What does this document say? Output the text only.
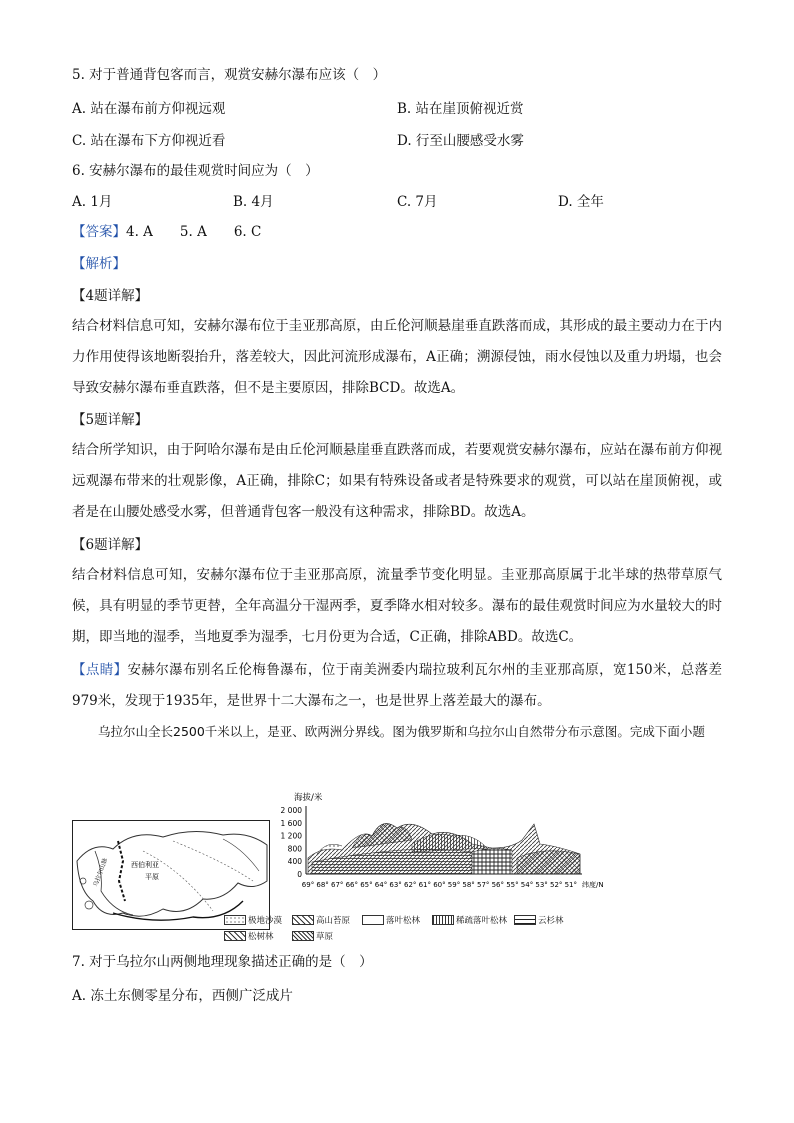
5. 对于普通背包客而言，观赏安赫尔瀑布应该（　）
A. 站在瀑布前方仰视远观	B. 站在崖顶俯视近赏
C. 站在瀑布下方仰视近看	D. 行至山腰感受水雾
6. 安赫尔瀑布的最佳观赏时间应为（　）
A. 1月	B. 4月	C. 7月	D. 全年
【答案】4. A　　5. A　　6. C
【解析】
【4题详解】
结合材料信息可知，安赫尔瀑布位于圭亚那高原，由丘伦河顺悬崖垂直跌落而成，其形成的最主要动力在于内力作用使得该地断裂抬升，落差较大，因此河流形成瀑布，A正确；溯源侵蚀，雨水侵蚀以及重力坍塌，也会导致安赫尔瀑布垂直跌落，但不是主要原因，排除BCD。故选A。
【5题详解】
结合所学知识，由于阿哈尔瀑布是由丘伦河顺悬崖垂直跌落而成，若要观赏安赫尔瀑布，应站在瀑布前方仰视远观瀑布带来的壮观影像，A正确，排除C；如果有特殊设备或者是特殊要求的观赏，可以站在崖顶俯视，或者是在山腰处感受水雾，但普通背包客一般没有这种需求，排除BD。故选A。
【6题详解】
结合材料信息可知，安赫尔瀑布位于圭亚那高原，流量季节变化明显。圭亚那高原属于北半球的热带草原气候，具有明显的季节更替，全年高温分干湿两季，夏季降水相对较多。瀑布的最佳观赏时间应为水量较大的时期，即当地的湿季，当地夏季为湿季，七月份更为合适，C正确，排除ABD。故选C。
【点睛】安赫尔瀑布别名丘伦梅鲁瀑布，位于南美洲委内瑞拉玻利瓦尔州的圭亚那高原，宽150米，总落差979米，发现于1935年，是世界十二大瀑布之一，也是世界上落差最大的瀑布。
乌拉尔山全长2500千米以上，是亚、欧两洲分界线。图为俄罗斯和乌拉尔山自然带分布示意图。完成下面小题
西伯利亚
平原
乌拉尔山脉
海拔/米
2 000
1 600
1 200
800
400
0
69° 68° 67° 66° 65° 64° 63° 62° 61° 60° 59° 58° 57° 56° 55° 54° 53° 52° 51° 纬度/N
极地沙漠	高山苔原	落叶松林	稀疏落叶松林	云杉林
松树林	草原
7. 对于乌拉尔山两侧地理现象描述正确的是（　）
A. 冻土东侧零星分布，西侧广泛成片
